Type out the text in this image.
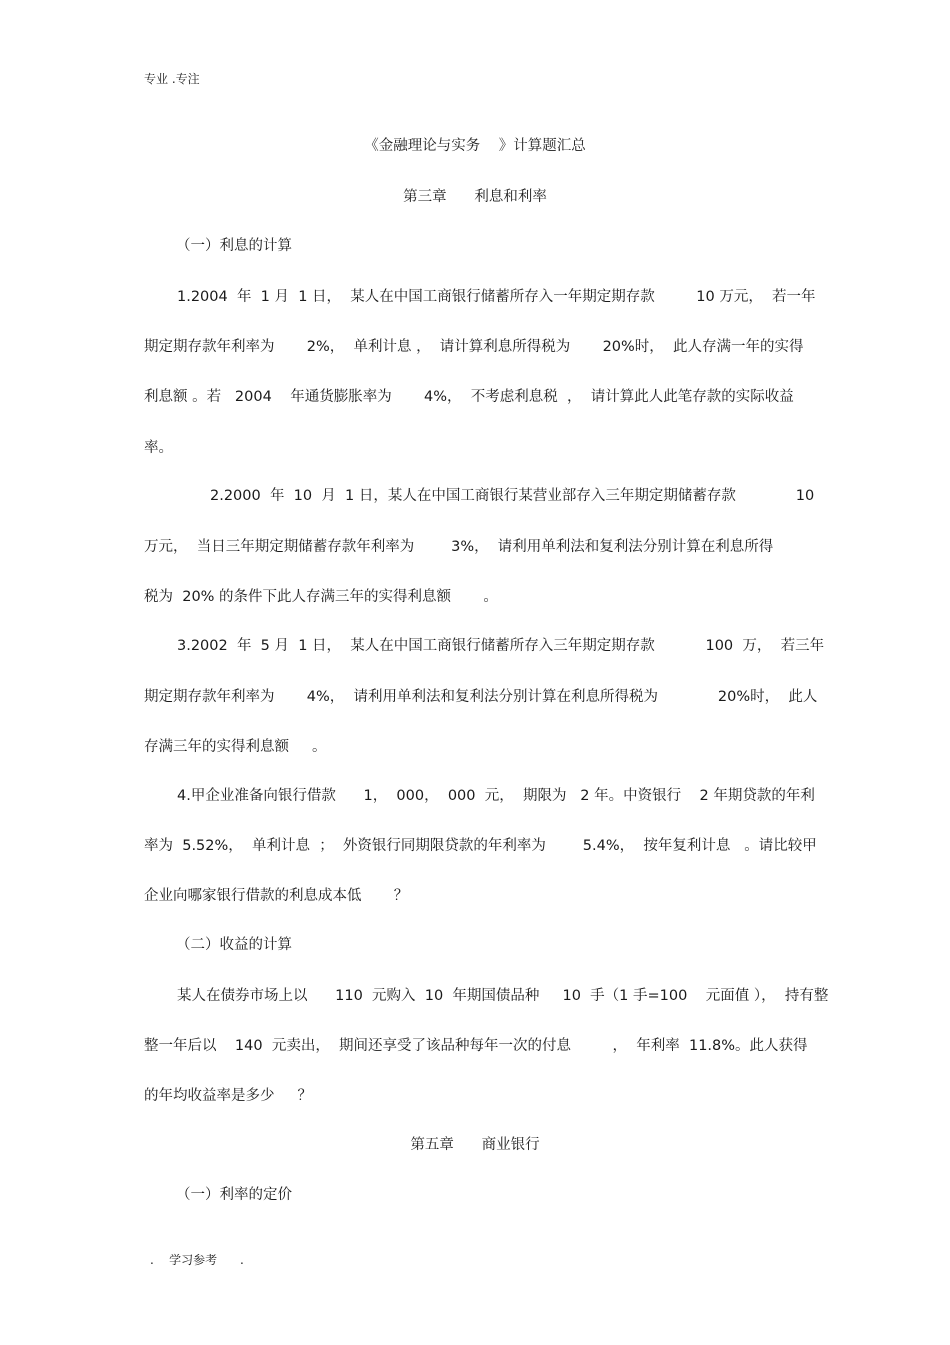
专业 .专注
《金融理论与实务    》计算题汇总
第三章      利息和利率
（一）利息的计算
1.2004  年  1 月  1 日，  某人在中国工商银行储蓄所存入一年期定期存款         10 万元，  若一年
期定期存款年利率为       2%，  单利计息 ，  请计算利息所得税为       20%时，  此人存满一年的实得
利息额 。若   2004    年通货膨胀率为       4%，  不考虑利息税  ，  请计算此人此笔存款的实际收益
率。
2.2000  年  10  月  1 日，某人在中国工商银行某营业部存入三年期定期储蓄存款             10
万元，  当日三年期定期储蓄存款年利率为        3%，  请利用单利法和复利法分别计算在利息所得
税为  20% 的条件下此人存满三年的实得利息额       。
3.2002  年  5 月  1 日，  某人在中国工商银行储蓄所存入三年期定期存款           100  万，  若三年
期定期存款年利率为       4%，  请利用单利法和复利法分别计算在利息所得税为             20%时，  此人
存满三年的实得利息额     。
4.甲企业准备向银行借款      1，  000，  000  元，  期限为   2 年。中资银行    2 年期贷款的年利
率为  5.52%，  单利计息  ；  外资银行同期限贷款的年利率为        5.4%，  按年复利计息   。请比较甲
企业向哪家银行借款的利息成本低       ？
（二）收益的计算
某人在债券市场上以      110  元购入  10  年期国债品种     10  手（1 手=100    元面值 ），  持有整
整一年后以    140  元卖出，  期间还享受了该品种每年一次的付息         ，  年利率  11.8%。此人获得
的年均收益率是多少     ？
第五章      商业银行
（一）利率的定价
.    学习参考      .
